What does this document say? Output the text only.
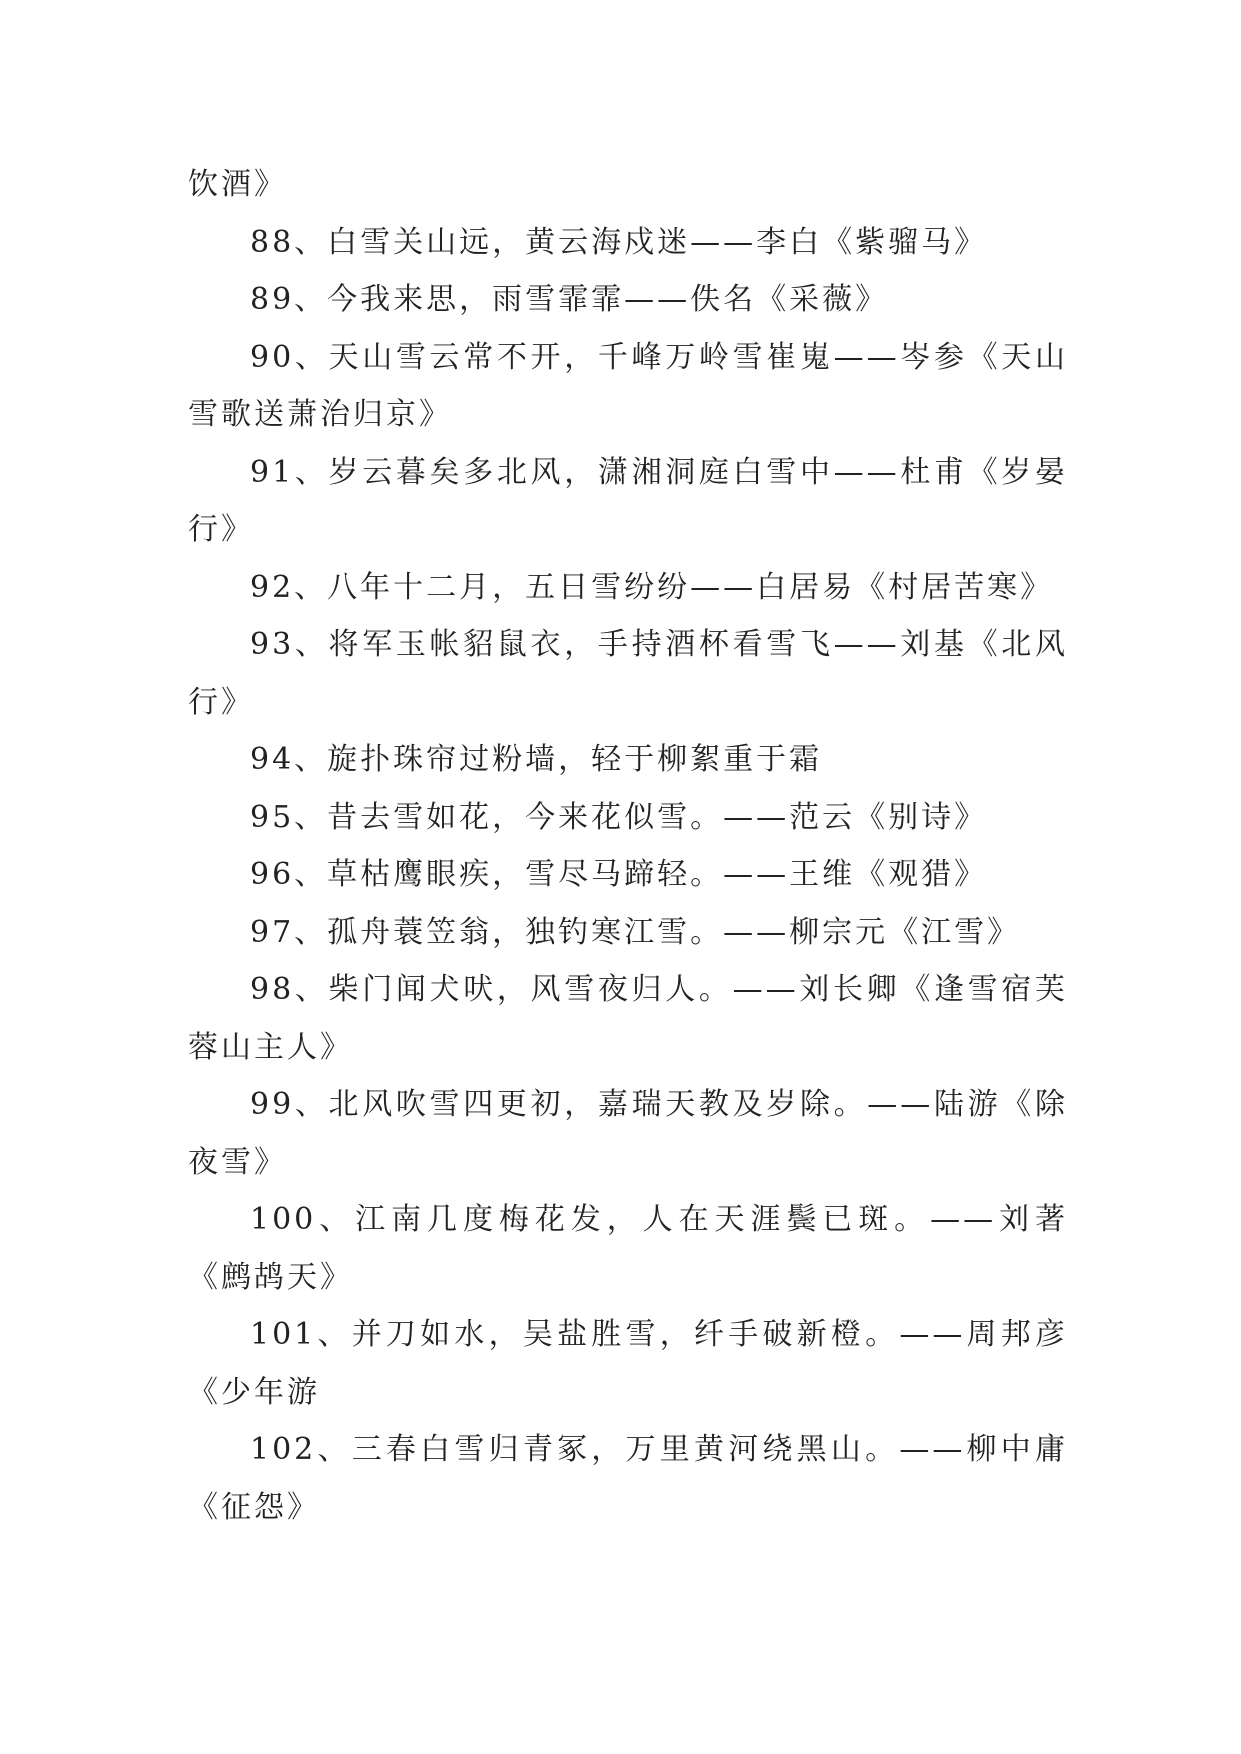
饮酒》

88、白雪关山远，黄云海戍迷——李白《紫骝马》

89、今我来思，雨雪霏霏——佚名《采薇》

90、天山雪云常不开，千峰万岭雪崔嵬——岑参《天山雪歌送萧治归京》

91、岁云暮矣多北风，潇湘洞庭白雪中——杜甫《岁晏行》

92、八年十二月，五日雪纷纷——白居易《村居苦寒》

93、将军玉帐貂鼠衣，手持酒杯看雪飞——刘基《北风行》

94、旋扑珠帘过粉墙，轻于柳絮重于霜

95、昔去雪如花，今来花似雪。——范云《别诗》

96、草枯鹰眼疾，雪尽马蹄轻。——王维《观猎》

97、孤舟蓑笠翁，独钓寒江雪。——柳宗元《江雪》

98、柴门闻犬吠，风雪夜归人。——刘长卿《逢雪宿芙蓉山主人》

99、北风吹雪四更初，嘉瑞天教及岁除。——陆游《除夜雪》

100、江南几度梅花发，人在天涯鬓已斑。——刘著《鹧鸪天》

101、并刀如水，吴盐胜雪，纤手破新橙。——周邦彦《少年游

102、三春白雪归青冢，万里黄河绕黑山。——柳中庸《征怨》
